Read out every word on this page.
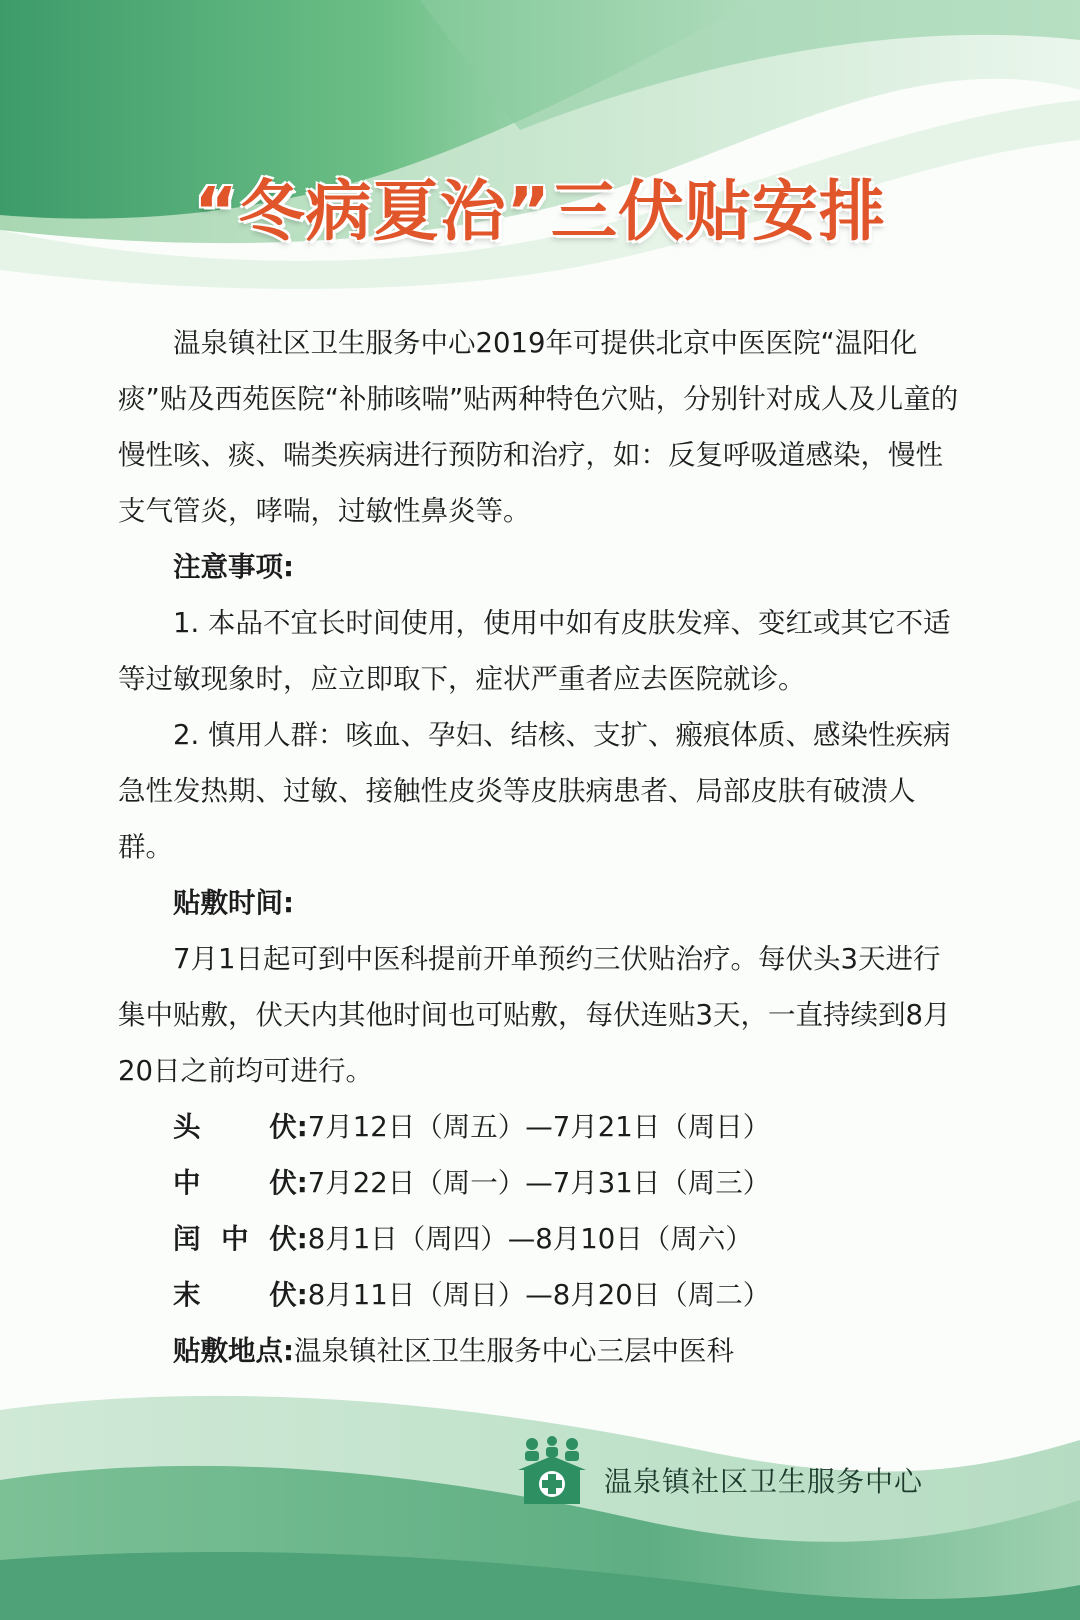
“冬病夏治”三伏贴安排

温泉镇社区卫生服务中心2019年可提供北京中医医院“温阳化痰”贴及西苑医院“补肺咳喘”贴两种特色穴贴，分别针对成人及儿童的慢性咳、痰、喘类疾病进行预防和治疗，如：反复呼吸道感染，慢性支气管炎，哮喘，过敏性鼻炎等。

注意事项:

1. 本品不宜长时间使用，使用中如有皮肤发痒、变红或其它不适等过敏现象时，应立即取下，症状严重者应去医院就诊。

2. 慎用人群：咳血、孕妇、结核、支扩、瘢痕体质、感染性疾病急性发热期、过敏、接触性皮炎等皮肤病患者、局部皮肤有破溃人群。

贴敷时间:

7月1日起可到中医科提前开单预约三伏贴治疗。每伏头3天进行集中贴敷，伏天内其他时间也可贴敷，每伏连贴3天，一直持续到8月20日之前均可进行。

头　伏:7月12日（周五）—7月21日（周日）

中　伏:7月22日（周一）—7月31日（周三）

闰中伏:8月1日（周四）—8月10日（周六）

末　伏:8月11日（周日）—8月20日（周二）

贴敷地点:温泉镇社区卫生服务中心三层中医科

温泉镇社区卫生服务中心
